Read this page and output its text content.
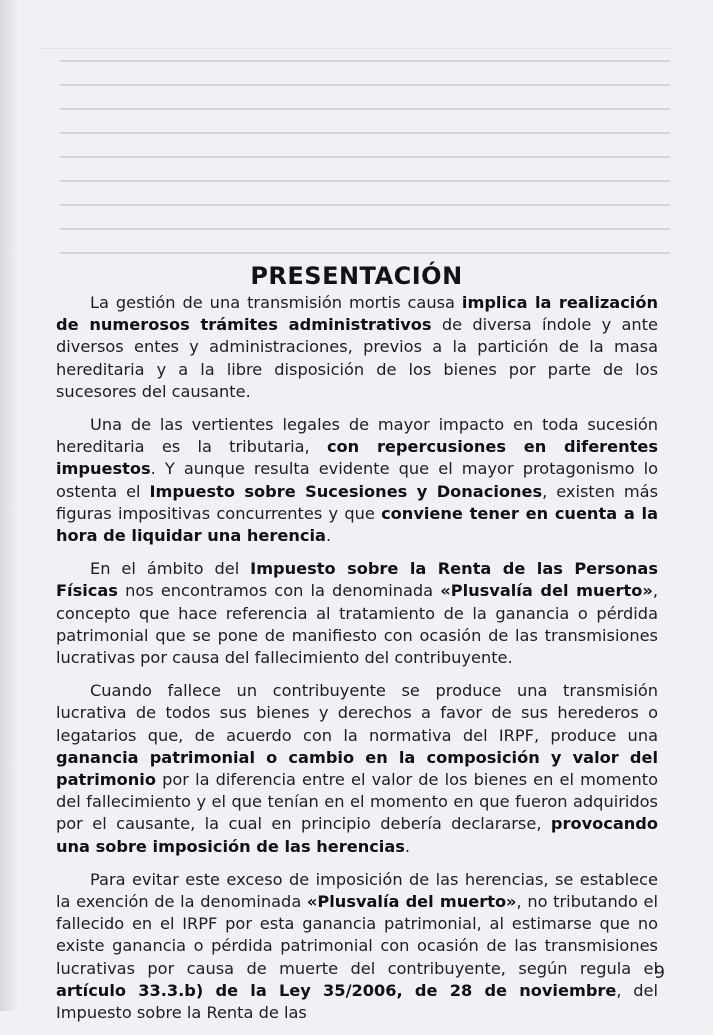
PRESENTACIÓN

La gestión de una transmisión mortis causa implica la realización de numerosos trámites administrativos de diversa índole y ante diversos entes y administraciones, previos a la partición de la masa hereditaria y a la libre disposición de los bienes por parte de los sucesores del causante.

Una de las vertientes legales de mayor impacto en toda sucesión hereditaria es la tributaria, con repercusiones en diferentes impuestos. Y aunque resulta evidente que el mayor protagonismo lo ostenta el Impuesto sobre Sucesiones y Donaciones, existen más figuras impositivas concurrentes y que conviene tener en cuenta a la hora de liquidar una herencia.

En el ámbito del Impuesto sobre la Renta de las Personas Físicas nos encontramos con la denominada «Plusvalía del muerto», concepto que hace referencia al tratamiento de la ganancia o pérdida patrimonial que se pone de manifiesto con ocasión de las transmisiones lucrativas por causa del fallecimiento del contribuyente.

Cuando fallece un contribuyente se produce una transmisión lucrativa de todos sus bienes y derechos a favor de sus herederos o legatarios que, de acuerdo con la normativa del IRPF, produce una ganancia patrimonial o cambio en la composición y valor del patrimonio por la diferencia entre el valor de los bienes en el momento del fallecimiento y el que tenían en el momento en que fueron adquiridos por el causante, la cual en principio debería declararse, provocando una sobre imposición de las herencias.

Para evitar este exceso de imposición de las herencias, se establece la exención de la denominada «Plusvalía del muerto», no tributando el fallecido en el IRPF por esta ganancia patrimonial, al estimarse que no existe ganancia o pérdida patrimonial con ocasión de las transmisiones lucrativas por causa de muerte del contribuyente, según regula el artículo 33.3.b) de la Ley 35/2006, de 28 de noviembre, del Impuesto sobre la Renta de las

9
